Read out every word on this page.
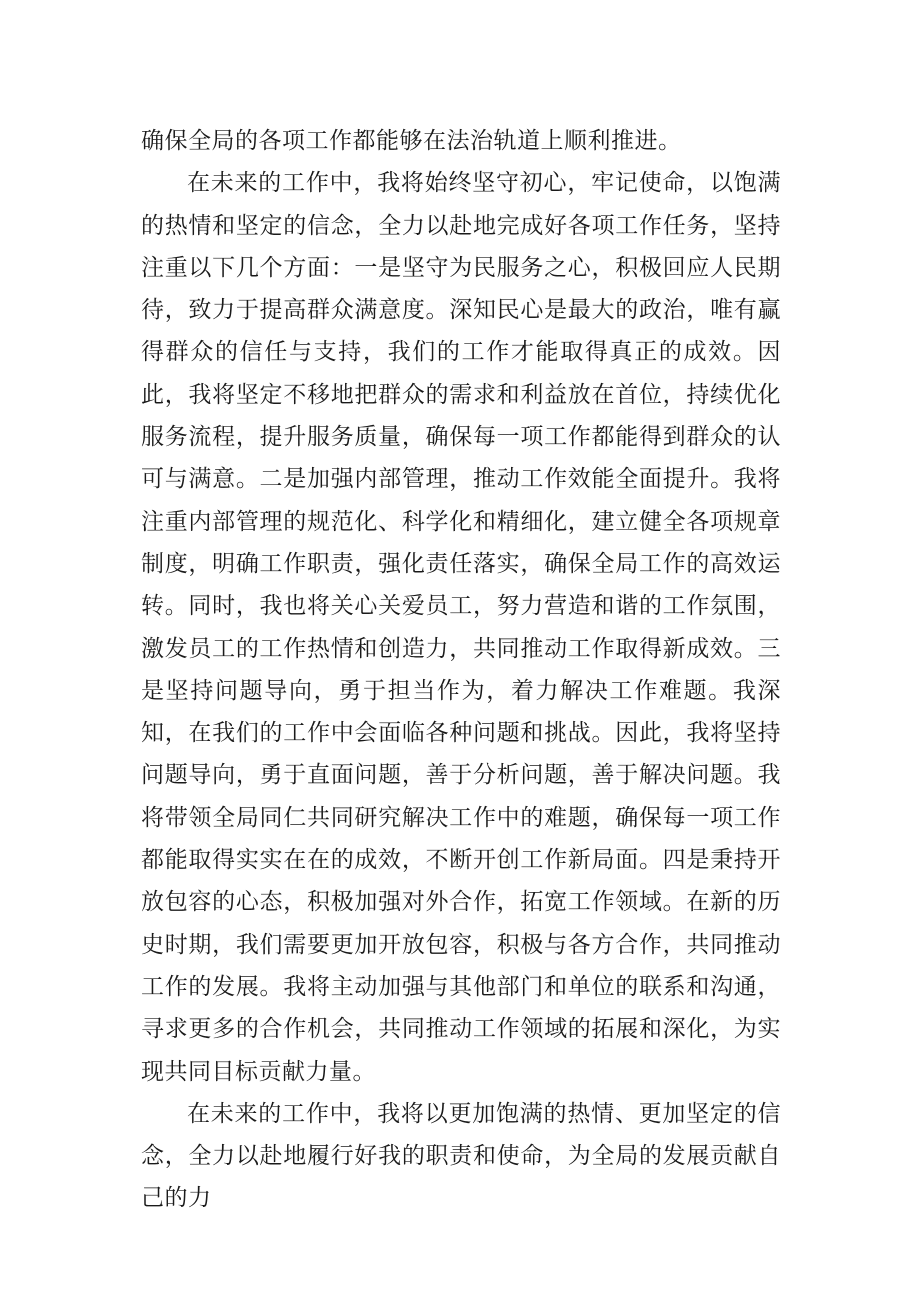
确保全局的各项工作都能够在法治轨道上顺利推进。

在未来的工作中，我将始终坚守初心，牢记使命，以饱满的热情和坚定的信念，全力以赴地完成好各项工作任务，坚持注重以下几个方面：一是坚守为民服务之心，积极回应人民期待，致力于提高群众满意度。深知民心是最大的政治，唯有赢得群众的信任与支持，我们的工作才能取得真正的成效。因此，我将坚定不移地把群众的需求和利益放在首位，持续优化服务流程，提升服务质量，确保每一项工作都能得到群众的认可与满意。二是加强内部管理，推动工作效能全面提升。我将注重内部管理的规范化、科学化和精细化，建立健全各项规章制度，明确工作职责，强化责任落实，确保全局工作的高效运转。同时，我也将关心关爱员工，努力营造和谐的工作氛围，激发员工的工作热情和创造力，共同推动工作取得新成效。三是坚持问题导向，勇于担当作为，着力解决工作难题。我深知，在我们的工作中会面临各种问题和挑战。因此，我将坚持问题导向，勇于直面问题，善于分析问题，善于解决问题。我将带领全局同仁共同研究解决工作中的难题，确保每一项工作都能取得实实在在的成效，不断开创工作新局面。四是秉持开放包容的心态，积极加强对外合作，拓宽工作领域。在新的历史时期，我们需要更加开放包容，积极与各方合作，共同推动工作的发展。我将主动加强与其他部门和单位的联系和沟通，寻求更多的合作机会，共同推动工作领域的拓展和深化，为实现共同目标贡献力量。

在未来的工作中，我将以更加饱满的热情、更加坚定的信念，全力以赴地履行好我的职责和使命，为全局的发展贡献自己的力
